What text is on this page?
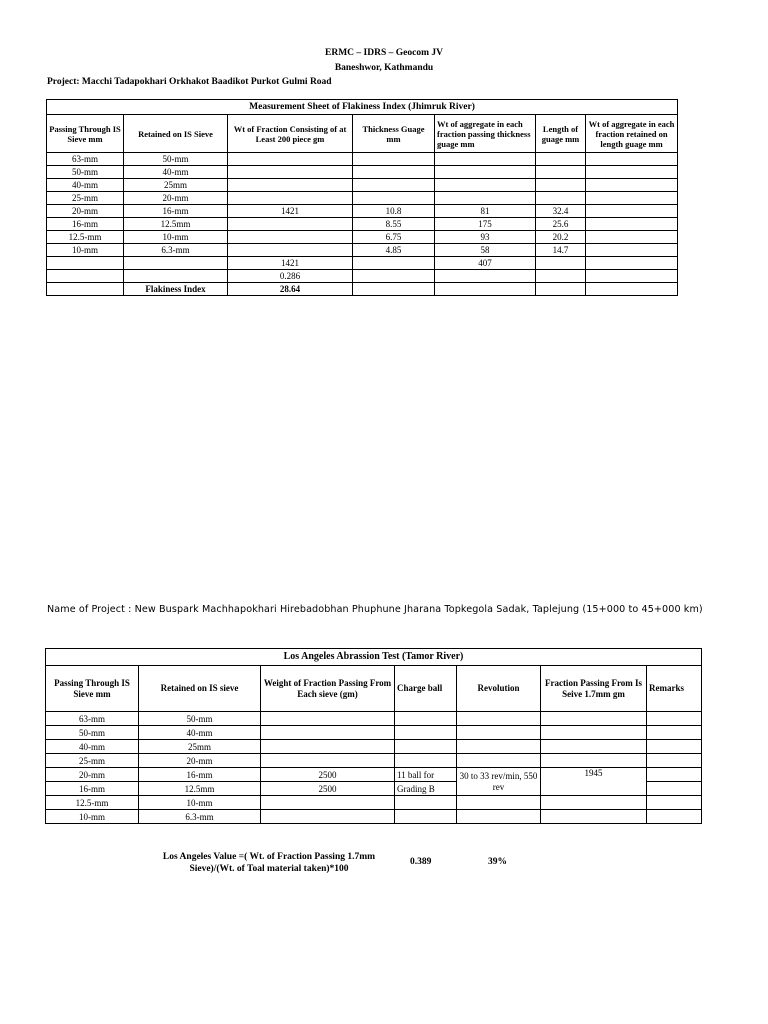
ERMC – IDRS – Geocom JV
Baneshwor, Kathmandu
Project: Macchi Tadapokhari Orkhakot Baadikot Purkot Gulmi Road
Measurement Sheet of Flakiness Index (Jhimruk River)						
Passing Through IS Sieve mm	Retained on IS Sieve	Wt of Fraction Consisting of at Least 200 piece gm	Thickness Guage mm	Wt of aggregate in each fraction passing thickness guage mm	Length of guage mm	Wt of aggregate in each fraction retained on length guage mm
63-mm	50-mm					
50-mm	40-mm					
40-mm	25mm					
25-mm	20-mm					
20-mm	16-mm	1421	10.8	81	32.4	
16-mm	12.5mm		8.55	175	25.6	
12.5-mm	10-mm		6.75	93	20.2	
10-mm	6.3-mm		4.85	58	14.7	
		1421		407		
		0.286				
	Flakiness Index	28.64				
Name of Project : New Buspark Machhapokhari Hirebadobhan Phuphune Jharana Topkegola Sadak, Taplejung (15+000 to 45+000 km)
Los Angeles Abrassion Test (Tamor River)						
Passing Through IS Sieve mm	Retained on IS sieve	Weight of Fraction Passing From Each sieve (gm)	Charge ball	Revolution	Fraction Passing From Is Seive 1.7mm gm	Remarks
63-mm	50-mm					
50-mm	40-mm					
40-mm	25mm					
25-mm	20-mm					
20-mm	16-mm	2500	11 ball for	30 to 33 rev/min, 550 rev	1945	
16-mm	12.5mm	2500	Grading B			
12.5-mm	10-mm					
10-mm	6.3-mm					
Los Angeles Value =( Wt. of Fraction Passing 1.7mm Sieve)/(Wt. of Toal material taken)*100
0.389	39%
